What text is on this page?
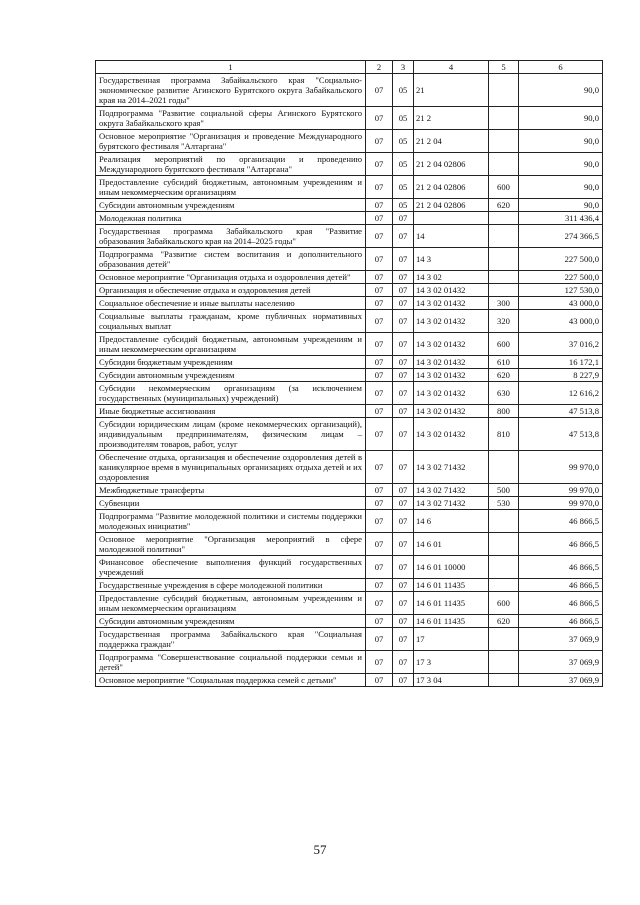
1	2	3	4	5	6
Государственная программа Забайкальского края "Социально-экономическое развитие Агинского Бурятского округа Забайкальского края на 2014–2021 годы"	07	05	21		90,0
Подпрограмма "Развитие социальной сферы Агинского Бурятского округа Забайкальского края"	07	05	21 2		90,0
Основное мероприятие "Организация и проведение Международного бурятского фестиваля "Алтаргана"	07	05	21 2 04		90,0
Реализация мероприятий по организации и проведению Международного бурятского фестиваля "Алтаргана"	07	05	21 2 04 02806		90,0
Предоставление субсидий бюджетным, автономным учреждениям и иным некоммерческим организациям	07	05	21 2 04 02806	600	90,0
Субсидии автономным учреждениям	07	05	21 2 04 02806	620	90,0
Молодежная политика	07	07			311 436,4
Государственная программа Забайкальского края "Развитие образования Забайкальского края на 2014–2025 годы"	07	07	14		274 366,5
Подпрограмма "Развитие систем воспитания и дополнительного образования детей"	07	07	14 3		227 500,0
Основное мероприятие "Организация отдыха и оздоровления детей"	07	07	14 3 02		227 500,0
Организация и обеспечение отдыха и оздоровления детей	07	07	14 3 02 01432		127 530,0
Социальное обеспечение и иные выплаты населению	07	07	14 3 02 01432	300	43 000,0
Социальные выплаты гражданам, кроме публичных нормативных социальных выплат	07	07	14 3 02 01432	320	43 000,0
Предоставление субсидий бюджетным, автономным учреждениям и иным некоммерческим организациям	07	07	14 3 02 01432	600	37 016,2
Субсидии бюджетным учреждениям	07	07	14 3 02 01432	610	16 172,1
Субсидии автономным учреждениям	07	07	14 3 02 01432	620	8 227,9
Субсидии некоммерческим организациям (за исключением государственных (муниципальных) учреждений)	07	07	14 3 02 01432	630	12 616,2
Иные бюджетные ассигнования	07	07	14 3 02 01432	800	47 513,8
Субсидии юридическим лицам (кроме некоммерческих организаций), индивидуальным предпринимателям, физическим лицам – производителям товаров, работ, услуг	07	07	14 3 02 01432	810	47 513,8
Обеспечение отдыха, организация и обеспечение оздоровления детей в каникулярное время в муниципальных организациях отдыха детей и их оздоровления	07	07	14 3 02 71432		99 970,0
Межбюджетные трансферты	07	07	14 3 02 71432	500	99 970,0
Субвенции	07	07	14 3 02 71432	530	99 970,0
Подпрограмма "Развитие молодежной политики и системы поддержки молодежных инициатив"	07	07	14 6		46 866,5
Основное мероприятие "Организация мероприятий в сфере молодежной политики"	07	07	14 6 01		46 866,5
Финансовое обеспечение выполнения функций государственных учреждений	07	07	14 6 01 10000		46 866,5
Государственные учреждения в сфере молодежной политики	07	07	14 6 01 11435		46 866,5
Предоставление субсидий бюджетным, автономным учреждениям и иным некоммерческим организациям	07	07	14 6 01 11435	600	46 866,5
Субсидии автономным учреждениям	07	07	14 6 01 11435	620	46 866,5
Государственная программа Забайкальского края "Социальная поддержка граждан"	07	07	17		37 069,9
Подпрограмма "Совершенствование социальной поддержки семьи и детей"	07	07	17 3		37 069,9
Основное мероприятие "Социальная поддержка семей с детьми"	07	07	17 3 04		37 069,9
57
